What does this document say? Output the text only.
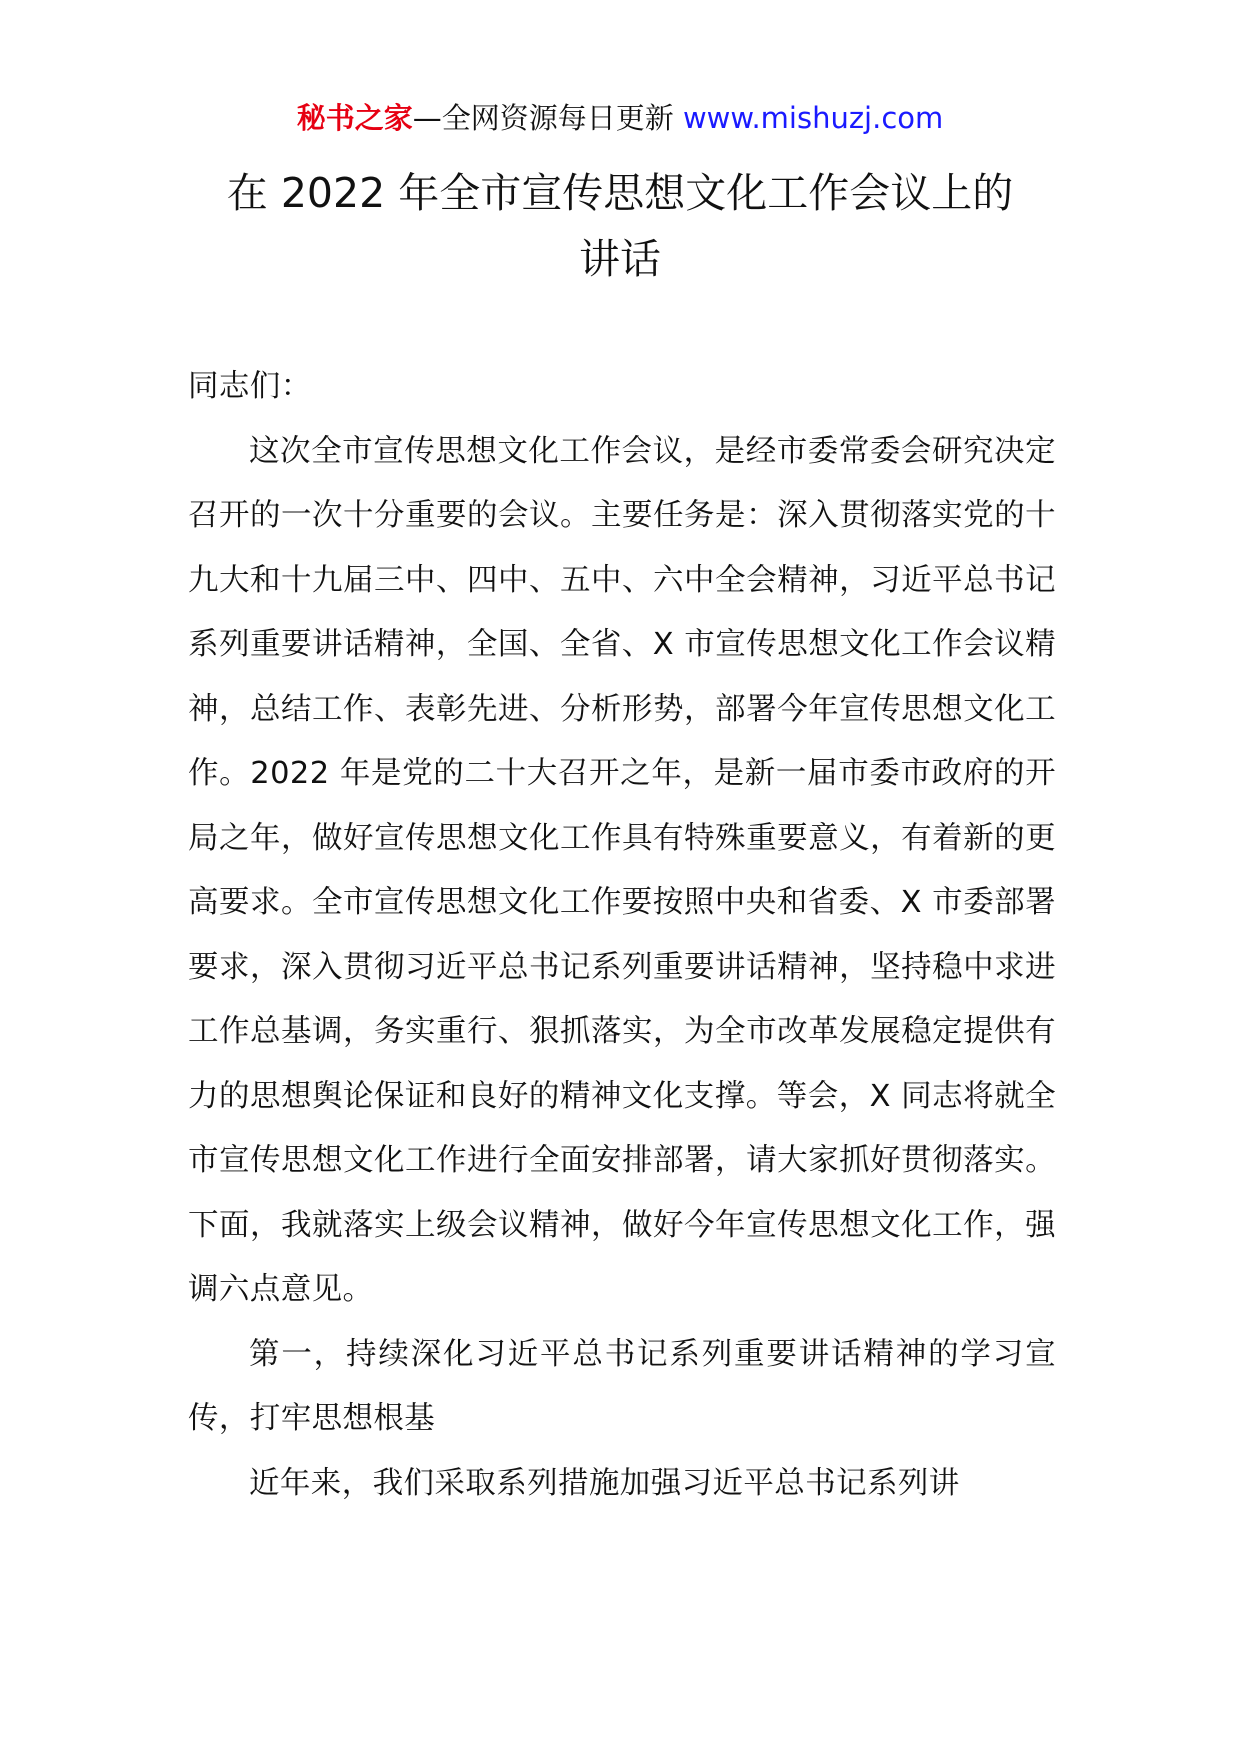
秘书之家—全网资源每日更新 www.mishuzj.com
在 2022 年全市宣传思想文化工作会议上的
讲话

同志们：

这次全市宣传思想文化工作会议，是经市委常委会研究决定召开的一次十分重要的会议。主要任务是：深入贯彻落实党的十九大和十九届三中、四中、五中、六中全会精神，习近平总书记系列重要讲话精神，全国、全省、X 市宣传思想文化工作会议精神，总结工作、表彰先进、分析形势，部署今年宣传思想文化工作。2022 年是党的二十大召开之年，是新一届市委市政府的开局之年，做好宣传思想文化工作具有特殊重要意义，有着新的更高要求。全市宣传思想文化工作要按照中央和省委、X 市委部署要求，深入贯彻习近平总书记系列重要讲话精神，坚持稳中求进工作总基调，务实重行、狠抓落实，为全市改革发展稳定提供有力的思想舆论保证和良好的精神文化支撑。等会，X 同志将就全市宣传思想文化工作进行全面安排部署，请大家抓好贯彻落实。下面，我就落实上级会议精神，做好今年宣传思想文化工作，强调六点意见。

第一，持续深化习近平总书记系列重要讲话精神的学习宣传，打牢思想根基

近年来，我们采取系列措施加强习近平总书记系列讲
